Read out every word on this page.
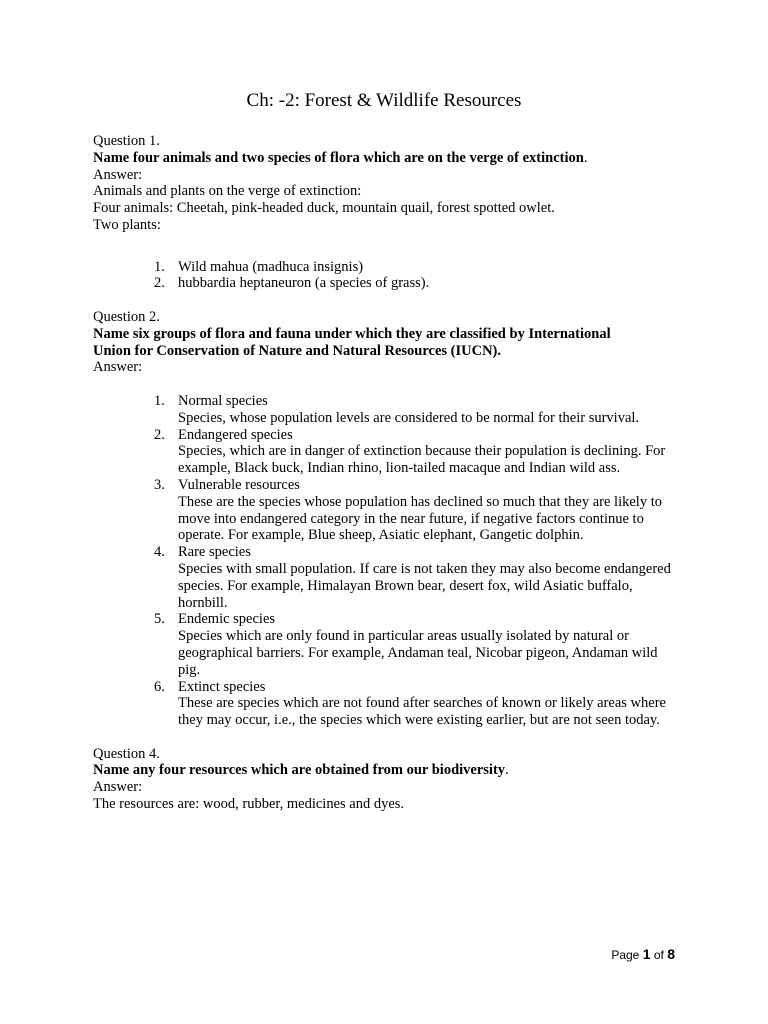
Ch: -2: Forest & Wildlife Resources
Question 1.
Name four animals and two species of flora which are on the verge of extinction.
Answer:
Animals and plants on the verge of extinction:
Four animals: Cheetah, pink-headed duck, mountain quail, forest spotted owlet.
Two plants:
1. Wild mahua (madhuca insignis)
2. hubbardia heptaneuron (a species of grass).
Question 2.
Name six groups of flora and fauna under which they are classified by International
Union for Conservation of Nature and Natural Resources (IUCN).
Answer:
1. Normal species
Species, whose population levels are considered to be normal for their survival.
2. Endangered species
Species, which are in danger of extinction because their population is declining. For example, Black buck, Indian rhino, lion-tailed macaque and Indian wild ass.
3. Vulnerable resources
These are the species whose population has declined so much that they are likely to move into endangered category in the near future, if negative factors continue to operate. For example, Blue sheep, Asiatic elephant, Gangetic dolphin.
4. Rare species
Species with small population. If care is not taken they may also become endangered species. For example, Himalayan Brown bear, desert fox, wild Asiatic buffalo, hornbill.
5. Endemic species
Species which are only found in particular areas usually isolated by natural or geographical barriers. For example, Andaman teal, Nicobar pigeon, Andaman wild pig.
6. Extinct species
These are species which are not found after searches of known or likely areas where they may occur, i.e., the species which were existing earlier, but are not seen today.
Question 4.
Name any four resources which are obtained from our biodiversity.
Answer:
The resources are: wood, rubber, medicines and dyes.
Page 1 of 8
